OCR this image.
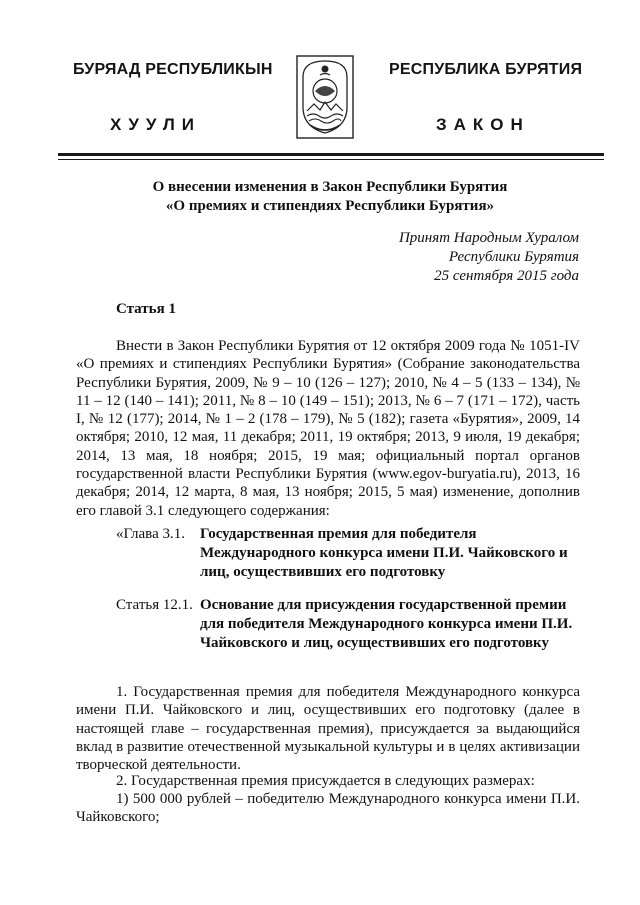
БУРЯАД РЕСПУБЛИКЫН
ХУУЛИ
РЕСПУБЛИКА БУРЯТИЯ
ЗАКОН
О внесении изменения в Закон Республики Бурятия
«О премиях и стипендиях Республики Бурятия»
Принят Народным Хуралом
Республики Бурятия
25 сентября 2015 года
Статья 1
Внести в Закон Республики Бурятия от 12 октября 2009 года № 1051-IV «О премиях и стипендиях Республики Бурятия» (Собрание законодательства Республики Бурятия, 2009, № 9 – 10 (126 – 127); 2010, № 4 – 5 (133 – 134), № 11 – 12 (140 – 141); 2011, № 8 – 10 (149 – 151); 2013, № 6 – 7 (171 – 172), часть I, № 12 (177); 2014, № 1 – 2 (178 – 179), № 5 (182); газета «Бурятия», 2009, 14 октября; 2010, 12 мая, 11 декабря; 2011, 19 октября; 2013, 9 июля, 19 декабря; 2014, 13 мая, 18 ноября; 2015, 19 мая; официальный портал органов государственной власти Республики Бурятия (www.egov-buryatia.ru), 2013, 16 декабря; 2014, 12 марта, 8 мая, 13 ноября; 2015, 5 мая) изменение, дополнив его главой 3.1 следующего содержания:
«Глава 3.1. Государственная премия для победителя Международного конкурса имени П.И. Чайковского и лиц, осуществивших его подготовку
Статья 12.1. Основание для присуждения государственной премии для победителя Международного конкурса имени П.И. Чайковского и лиц, осуществивших его подготовку
1. Государственная премия для победителя Международного конкурса имени П.И. Чайковского и лиц, осуществивших его подготовку (далее в настоящей главе – государственная премия), присуждается за выдающийся вклад в развитие отечественной музыкальной культуры и в целях активизации творческой деятельности.
2. Государственная премия присуждается в следующих размерах:
1) 500 000 рублей – победителю Международного конкурса имени П.И. Чайковского;
